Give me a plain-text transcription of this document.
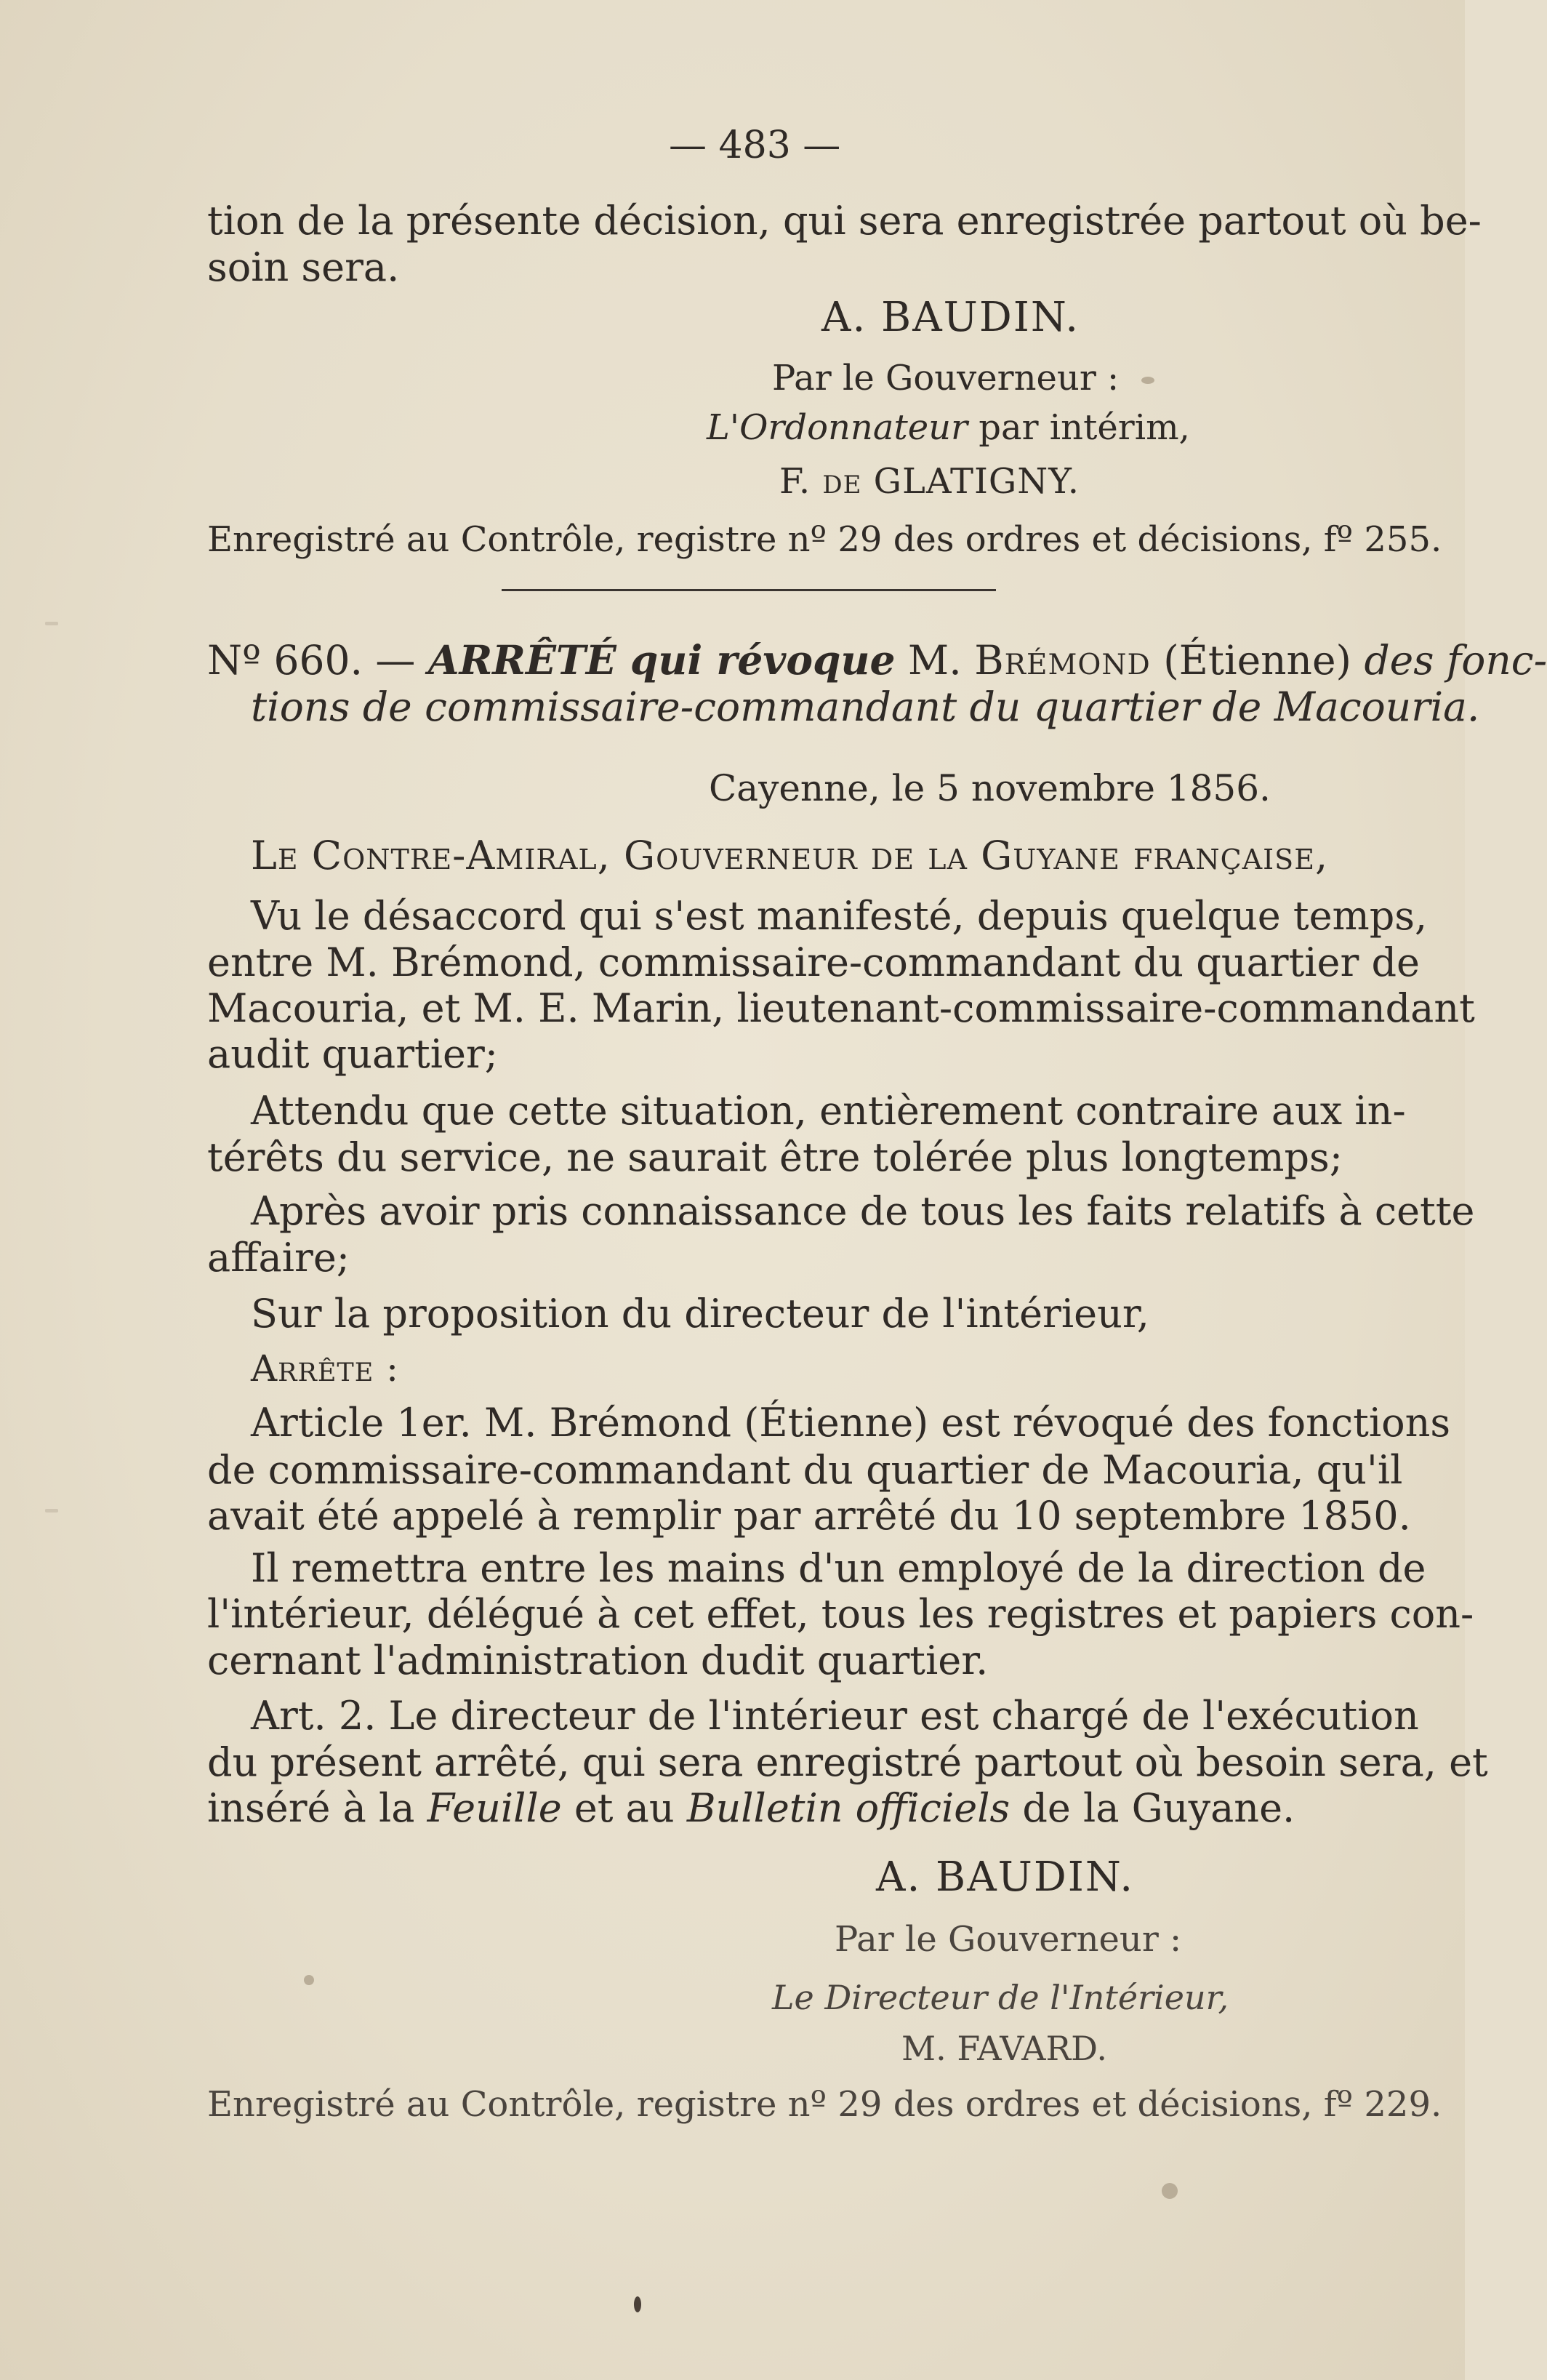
— 483 —
tion de la présente décision, qui sera enregistrée partout où be-
soin sera.
A. BAUDIN.
Par le Gouverneur :
L'Ordonnateur par intérim,
F. de GLATIGNY.
Enregistré au Contrôle, registre nº 29 des ordres et décisions, fº 255.
Nº 660. — ARRÊTÉ qui révoque M. Brémond (Étienne) des fonc-
tions de commissaire-commandant du quartier de Macouria.
Cayenne, le 5 novembre 1856.
Le Contre-Amiral, Gouverneur de la Guyane française,
Vu le désaccord qui s'est manifesté, depuis quelque temps,
entre M. Brémond, commissaire-commandant du quartier de
Macouria, et M. E. Marin, lieutenant-commissaire-commandant
audit quartier;
Attendu que cette situation, entièrement contraire aux in-
térêts du service, ne saurait être tolérée plus longtemps;
Après avoir pris connaissance de tous les faits relatifs à cette
affaire;
Sur la proposition du directeur de l'intérieur,
Arrête :
Article 1er. M. Brémond (Étienne) est révoqué des fonctions
de commissaire-commandant du quartier de Macouria, qu'il
avait été appelé à remplir par arrêté du 10 septembre 1850.
Il remettra entre les mains d'un employé de la direction de
l'intérieur, délégué à cet effet, tous les registres et papiers con-
cernant l'administration dudit quartier.
Art. 2. Le directeur de l'intérieur est chargé de l'exécution
du présent arrêté, qui sera enregistré partout où besoin sera, et
inséré à la Feuille et au Bulletin officiels de la Guyane.
A. BAUDIN.
Par le Gouverneur :
Le Directeur de l'Intérieur,
M. FAVARD.
Enregistré au Contrôle, registre nº 29 des ordres et décisions, fº 229.
